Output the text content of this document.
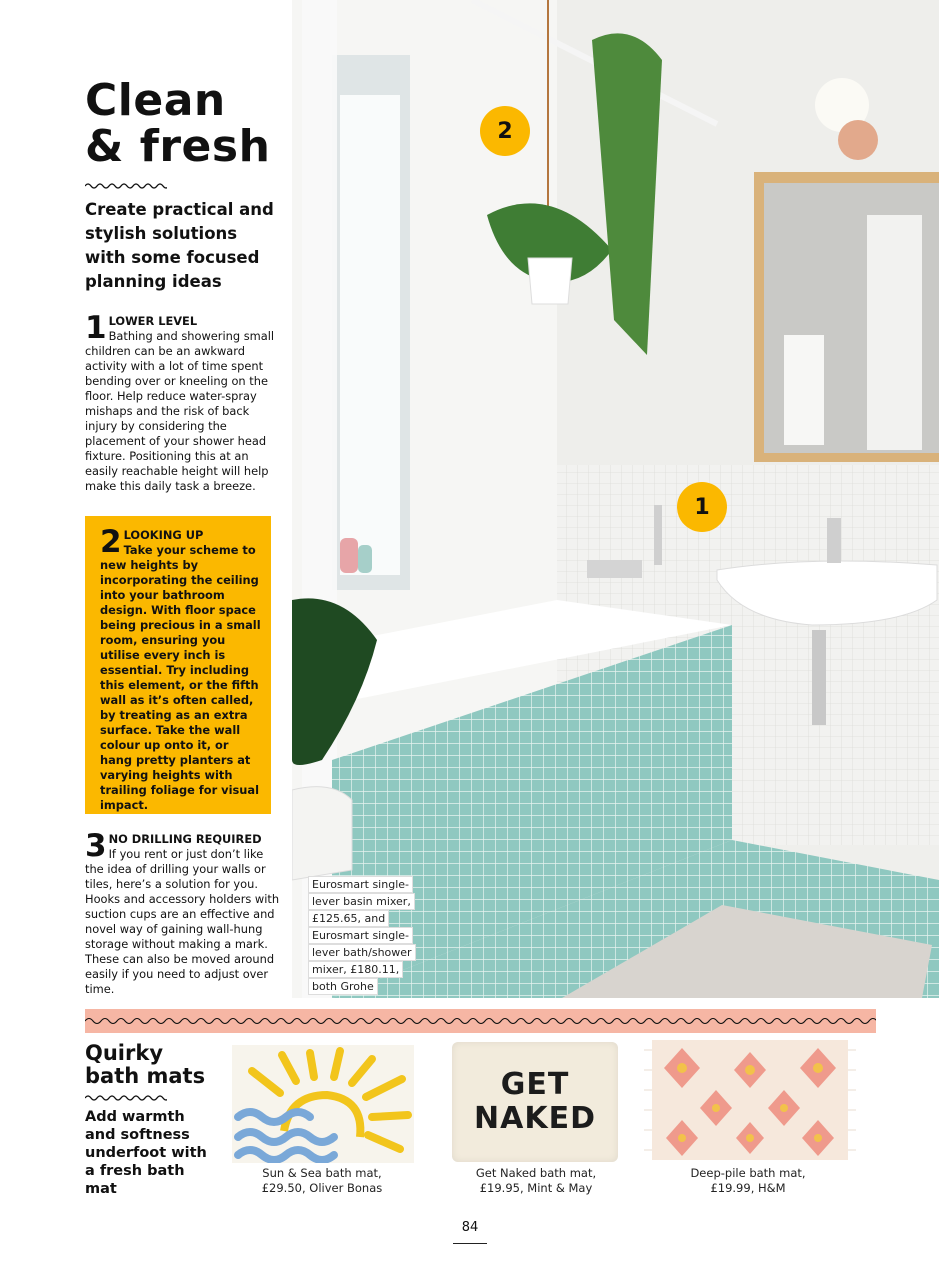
Clean
& fresh
Create practical and stylish solutions with some focused planning ideas
1 LOWER LEVEL
Bathing and showering small children can be an awkward activity with a lot of time spent bending over or kneeling on the floor. Help reduce water-spray mishaps and the risk of back injury by considering the placement of your shower head fixture. Positioning this at an easily reachable height will help make this daily task a breeze.
2 LOOKING UP
Take your scheme to new heights by incorporating the ceiling into your bathroom design. With floor space being precious in a small room, ensuring you utilise every inch is essential. Try including this element, or the fifth wall as it’s often called, by treating as an extra surface. Take the wall colour up onto it, or hang pretty planters at varying heights with trailing foliage for visual impact.
3 NO DRILLING REQUIRED
If you rent or just don’t like the idea of drilling your walls or tiles, here’s a solution for you. Hooks and accessory holders with suction cups are an effective and novel way of gaining wall-hung storage without making a mark. These can also be moved around easily if you need to adjust over time.
2
1
Eurosmart single-
lever basin mixer,
£125.65, and
Eurosmart single-
lever bath/shower
mixer, £180.11,
both Grohe
Quirky
bath mats
Add warmth and softness underfoot with a fresh bath mat
Sun & Sea bath mat,
£29.50, Oliver Bonas
GET
NAKED
Get Naked bath mat,
£19.95, Mint & May
Deep-pile bath mat,
£19.99, H&M
84
